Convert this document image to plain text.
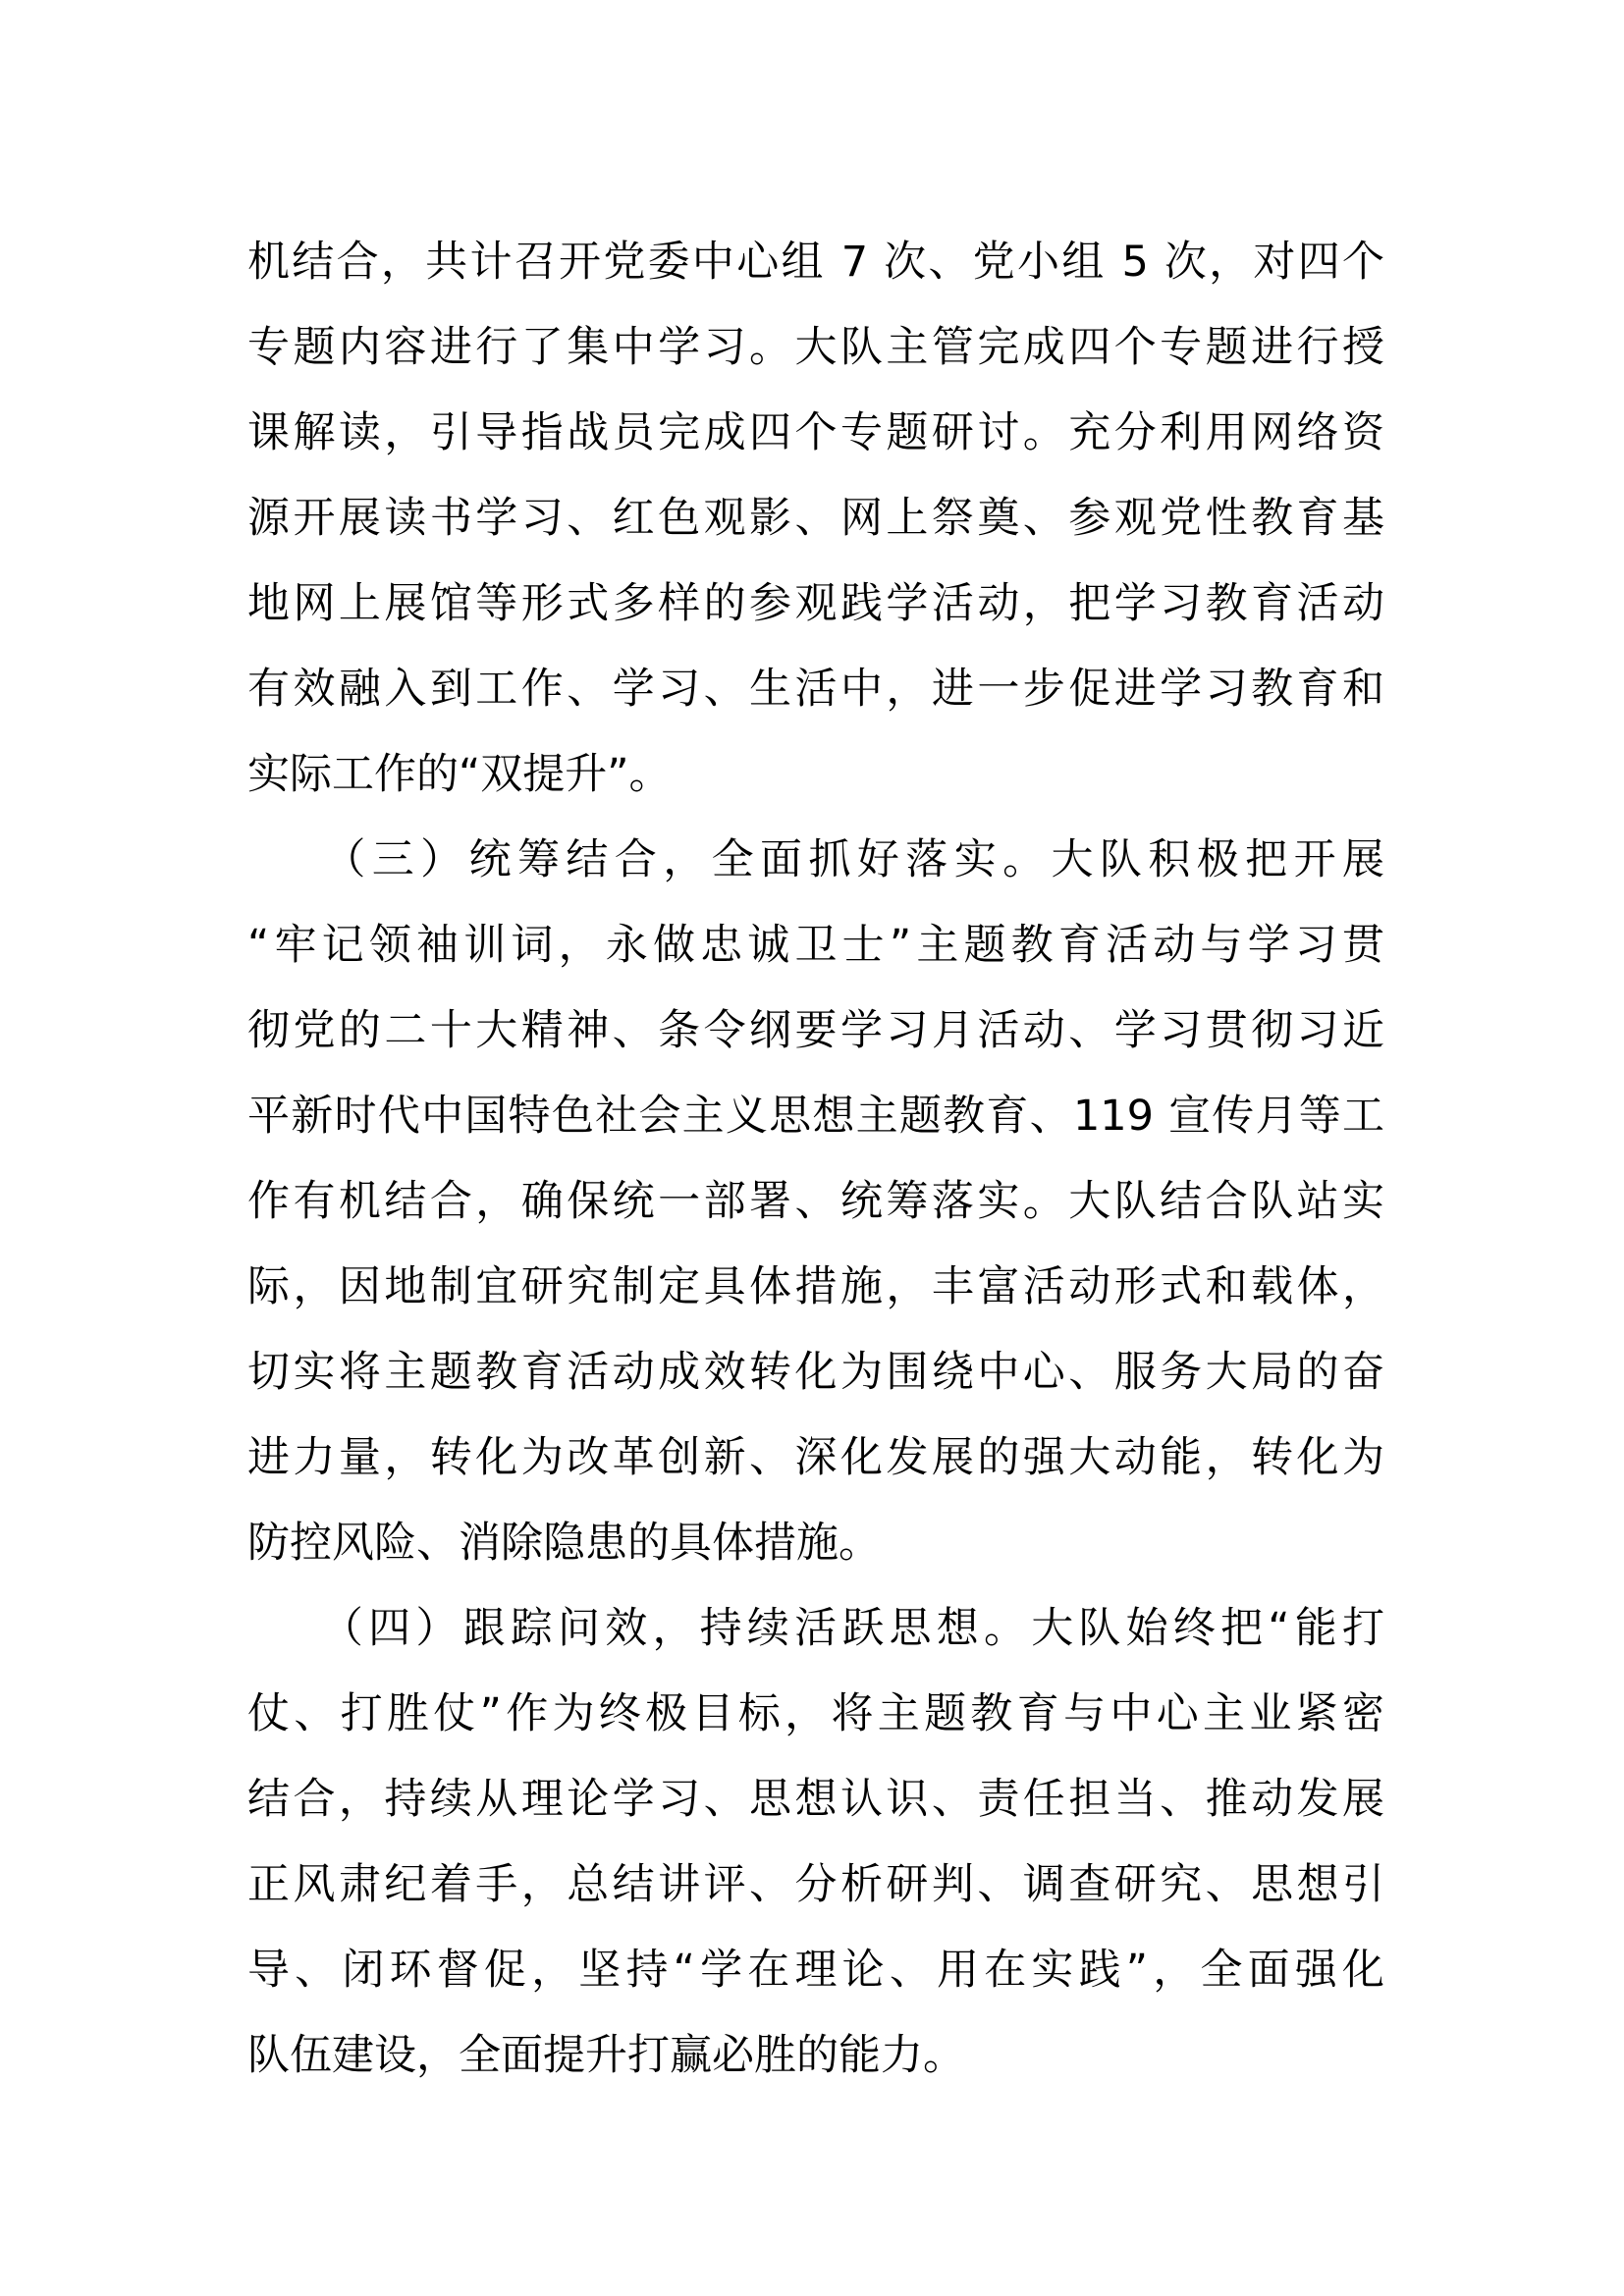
机结合，共计召开党委中心组 7 次、党小组 5 次，对四个
专题内容进行了集中学习。大队主管完成四个专题进行授
课解读，引导指战员完成四个专题研讨。充分利用网络资
源开展读书学习、红色观影、网上祭奠、参观党性教育基
地网上展馆等形式多样的参观践学活动，把学习教育活动
有效融入到工作、学习、生活中，进一步促进学习教育和
实际工作的“双提升”。
　　（三）统筹结合，全面抓好落实。大队积极把开展
“牢记领袖训词，永做忠诚卫士”主题教育活动与学习贯
彻党的二十大精神、条令纲要学习月活动、学习贯彻习近
平新时代中国特色社会主义思想主题教育、119 宣传月等工
作有机结合，确保统一部署、统筹落实。大队结合队站实
际，因地制宜研究制定具体措施，丰富活动形式和载体，
切实将主题教育活动成效转化为围绕中心、服务大局的奋
进力量，转化为改革创新、深化发展的强大动能，转化为
防控风险、消除隐患的具体措施。
　　（四）跟踪问效，持续活跃思想。大队始终把“能打
仗、打胜仗”作为终极目标，将主题教育与中心主业紧密
结合，持续从理论学习、思想认识、责任担当、推动发展
正风肃纪着手，总结讲评、分析研判、调查研究、思想引
导、闭环督促，坚持“学在理论、用在实践”，全面强化
队伍建设，全面提升打赢必胜的能力。
